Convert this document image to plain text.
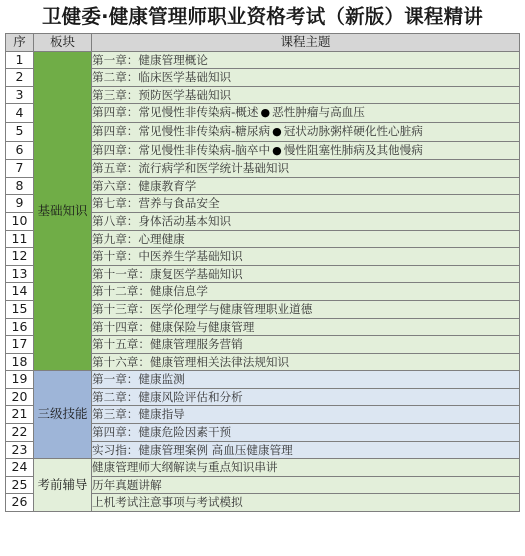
卫健委·健康管理师职业资格考试（新版）课程精讲
序	板块	课程主题
1	基础知识	第一章：健康管理概论
2		第二章：临床医学基础知识
3		第三章：预防医学基础知识
4		第四章：常见慢性非传染病-概述 ● 恶性肿瘤与高血压
5		第四章：常见慢性非传染病-糖尿病 ● 冠状动脉粥样硬化性心脏病
6		第四章：常见慢性非传染病-脑卒中 ● 慢性阻塞性肺病及其他慢病
7		第五章：流行病学和医学统计基础知识
8		第六章：健康教育学
9		第七章：营养与食品安全
10		第八章：身体活动基本知识
11		第九章：心理健康
12		第十章：中医养生学基础知识
13		第十一章：康复医学基础知识
14		第十二章：健康信息学
15		第十三章：医学伦理学与健康管理职业道德
16		第十四章：健康保险与健康管理
17		第十五章：健康管理服务营销
18		第十六章：健康管理相关法律法规知识
19	三级技能	第一章：健康监测
20		第二章：健康风险评估和分析
21		第三章：健康指导
22		第四章：健康危险因素干预
23		实习指：健康管理案例 高血压健康管理
24	考前辅导	健康管理师大纲解读与重点知识串讲
25		历年真题讲解
26		上机考试注意事项与考试模拟
